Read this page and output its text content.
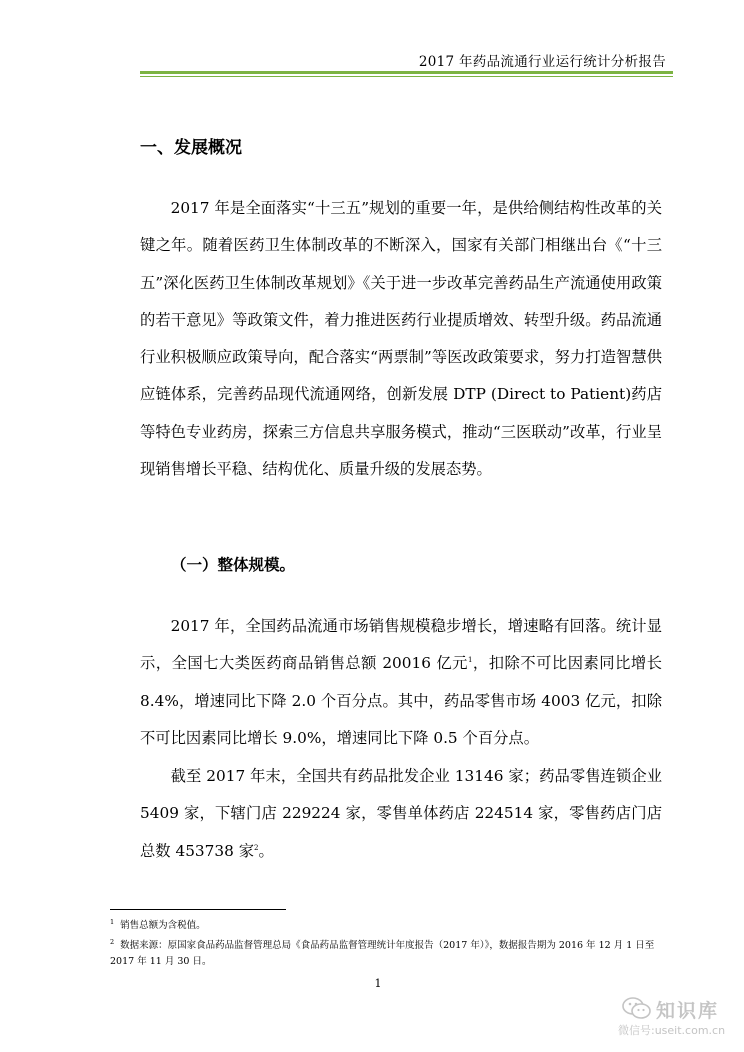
2017 年药品流通行业运行统计分析报告
一、发展概况
2017 年是全面落实“十三五”规划的重要一年，是供给侧结构性改革的关键之年。随着医药卫生体制改革的不断深入，国家有关部门相继出台《“十三五”深化医药卫生体制改革规划》《关于进一步改革完善药品生产流通使用政策的若干意见》等政策文件，着力推进医药行业提质增效、转型升级。药品流通行业积极顺应政策导向，配合落实“两票制”等医改政策要求，努力打造智慧供应链体系，完善药品现代流通网络，创新发展 DTP (Direct to Patient)药店等特色专业药房，探索三方信息共享服务模式，推动“三医联动”改革，行业呈现销售增长平稳、结构优化、质量升级的发展态势。
（一）整体规模。
2017 年，全国药品流通市场销售规模稳步增长，增速略有回落。统计显示，全国七大类医药商品销售总额 20016 亿元$^1$，扣除不可比因素同比增长 8.4%，增速同比下降 2.0 个百分点。其中，药品零售市场 4003 亿元，扣除不可比因素同比增长 9.0%，增速同比下降 0.5 个百分点。
截至 2017 年末，全国共有药品批发企业 13146 家；药品零售连锁企业 5409 家，下辖门店 229224 家，零售单体药店 224514 家，零售药店门店总数 453738 家$^2$。
$^1$ 销售总额为含税值。
$^2$ 数据来源：原国家食品药品监督管理总局《食品药品监督管理统计年度报告（2017 年）》，数据报告期为 2016 年 12 月 1 日至 2017 年 11 月 30 日。
1
知识库
微信号:useit.com.cn
